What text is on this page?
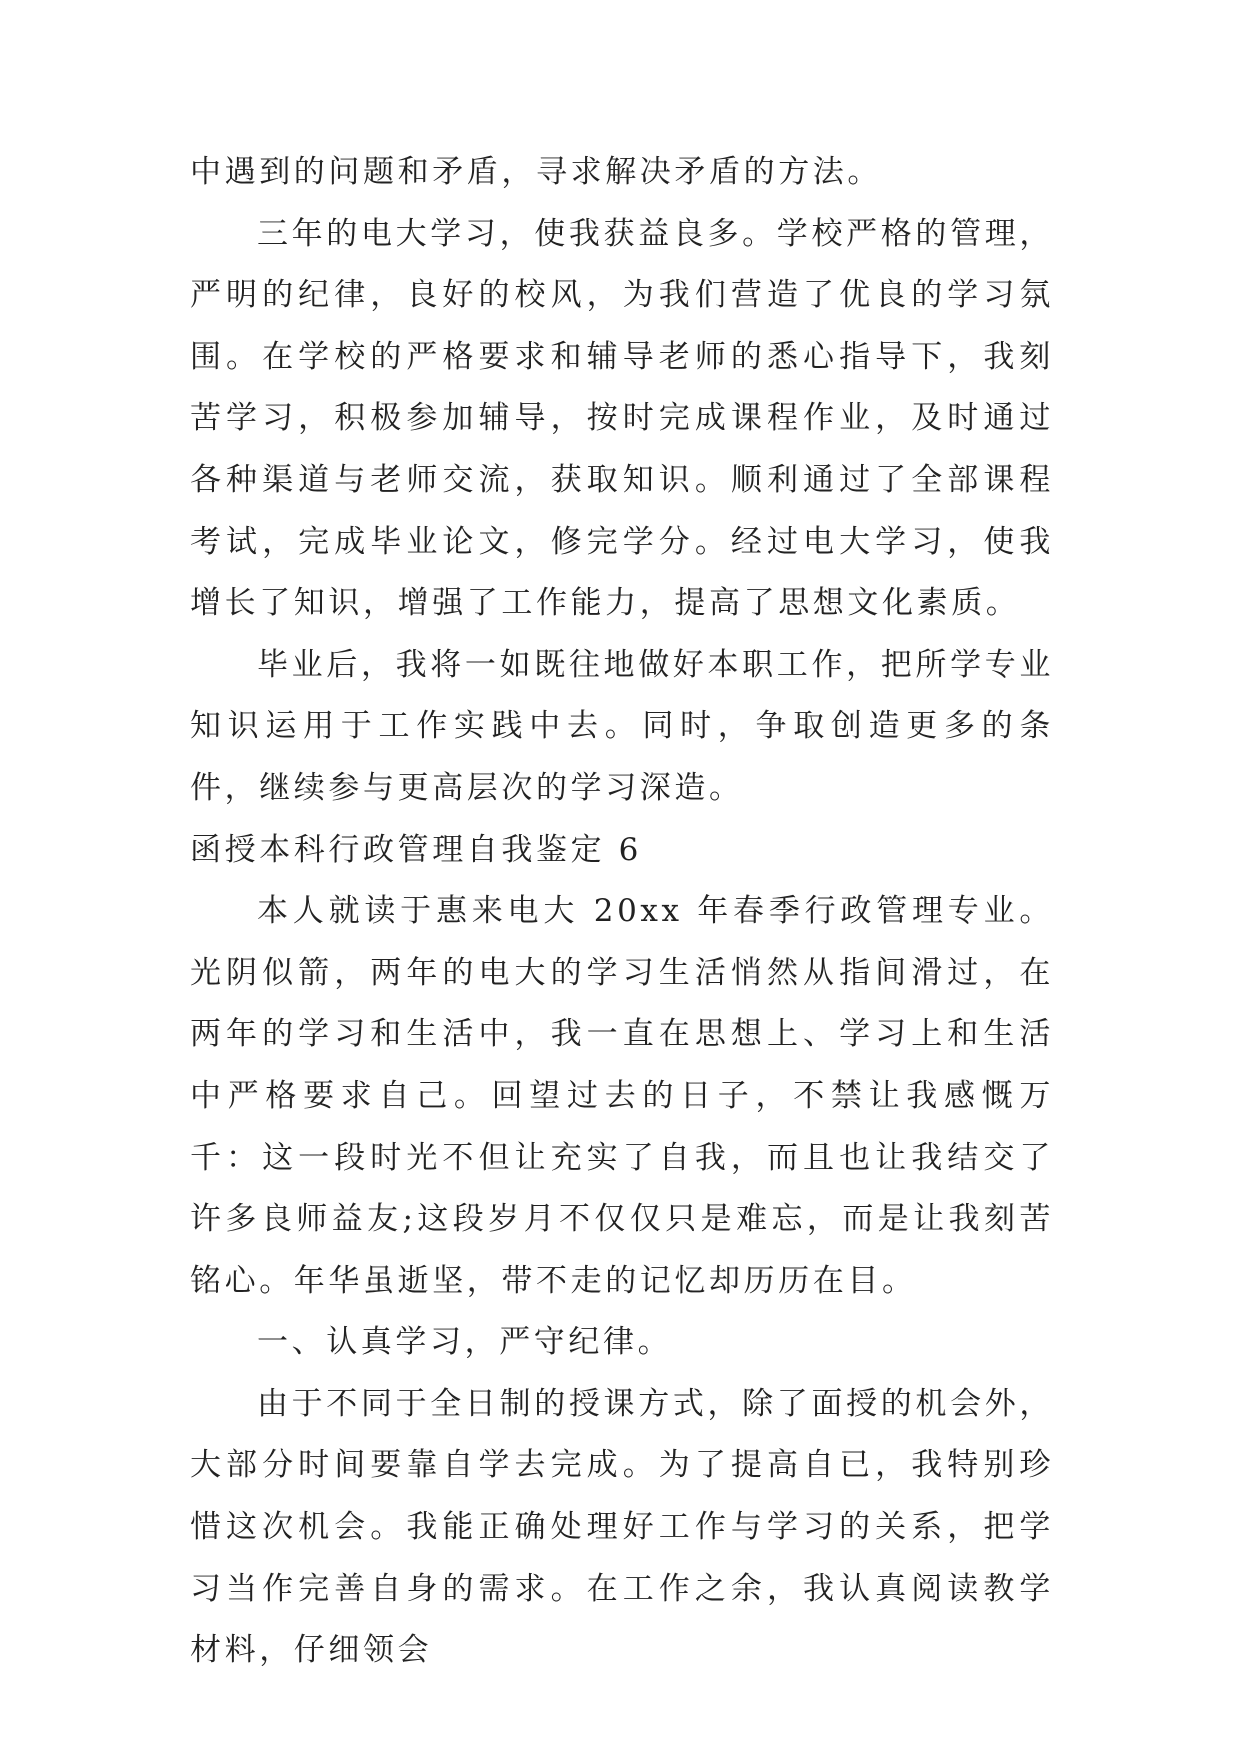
中遇到的问题和矛盾，寻求解决矛盾的方法。

三年的电大学习，使我获益良多。学校严格的管理，严明的纪律，良好的校风，为我们营造了优良的学习氛围。在学校的严格要求和辅导老师的悉心指导下，我刻苦学习，积极参加辅导，按时完成课程作业，及时通过各种渠道与老师交流，获取知识。顺利通过了全部课程考试，完成毕业论文，修完学分。经过电大学习，使我增长了知识，增强了工作能力，提高了思想文化素质。

毕业后，我将一如既往地做好本职工作，把所学专业知识运用于工作实践中去。同时，争取创造更多的条件，继续参与更高层次的学习深造。

函授本科行政管理自我鉴定 6

本人就读于惠来电大 20xx 年春季行政管理专业。光阴似箭，两年的电大的学习生活悄然从指间滑过，在两年的学习和生活中，我一直在思想上、学习上和生活中严格要求自己。回望过去的日子，不禁让我感慨万千：这一段时光不但让充实了自我，而且也让我结交了许多良师益友;这段岁月不仅仅只是难忘，而是让我刻苦铭心。年华虽逝坚，带不走的记忆却历历在目。

一、认真学习，严守纪律。

由于不同于全日制的授课方式，除了面授的机会外，大部分时间要靠自学去完成。为了提高自已，我特别珍惜这次机会。我能正确处理好工作与学习的关系，把学习当作完善自身的需求。在工作之余，我认真阅读教学材料，仔细领会
